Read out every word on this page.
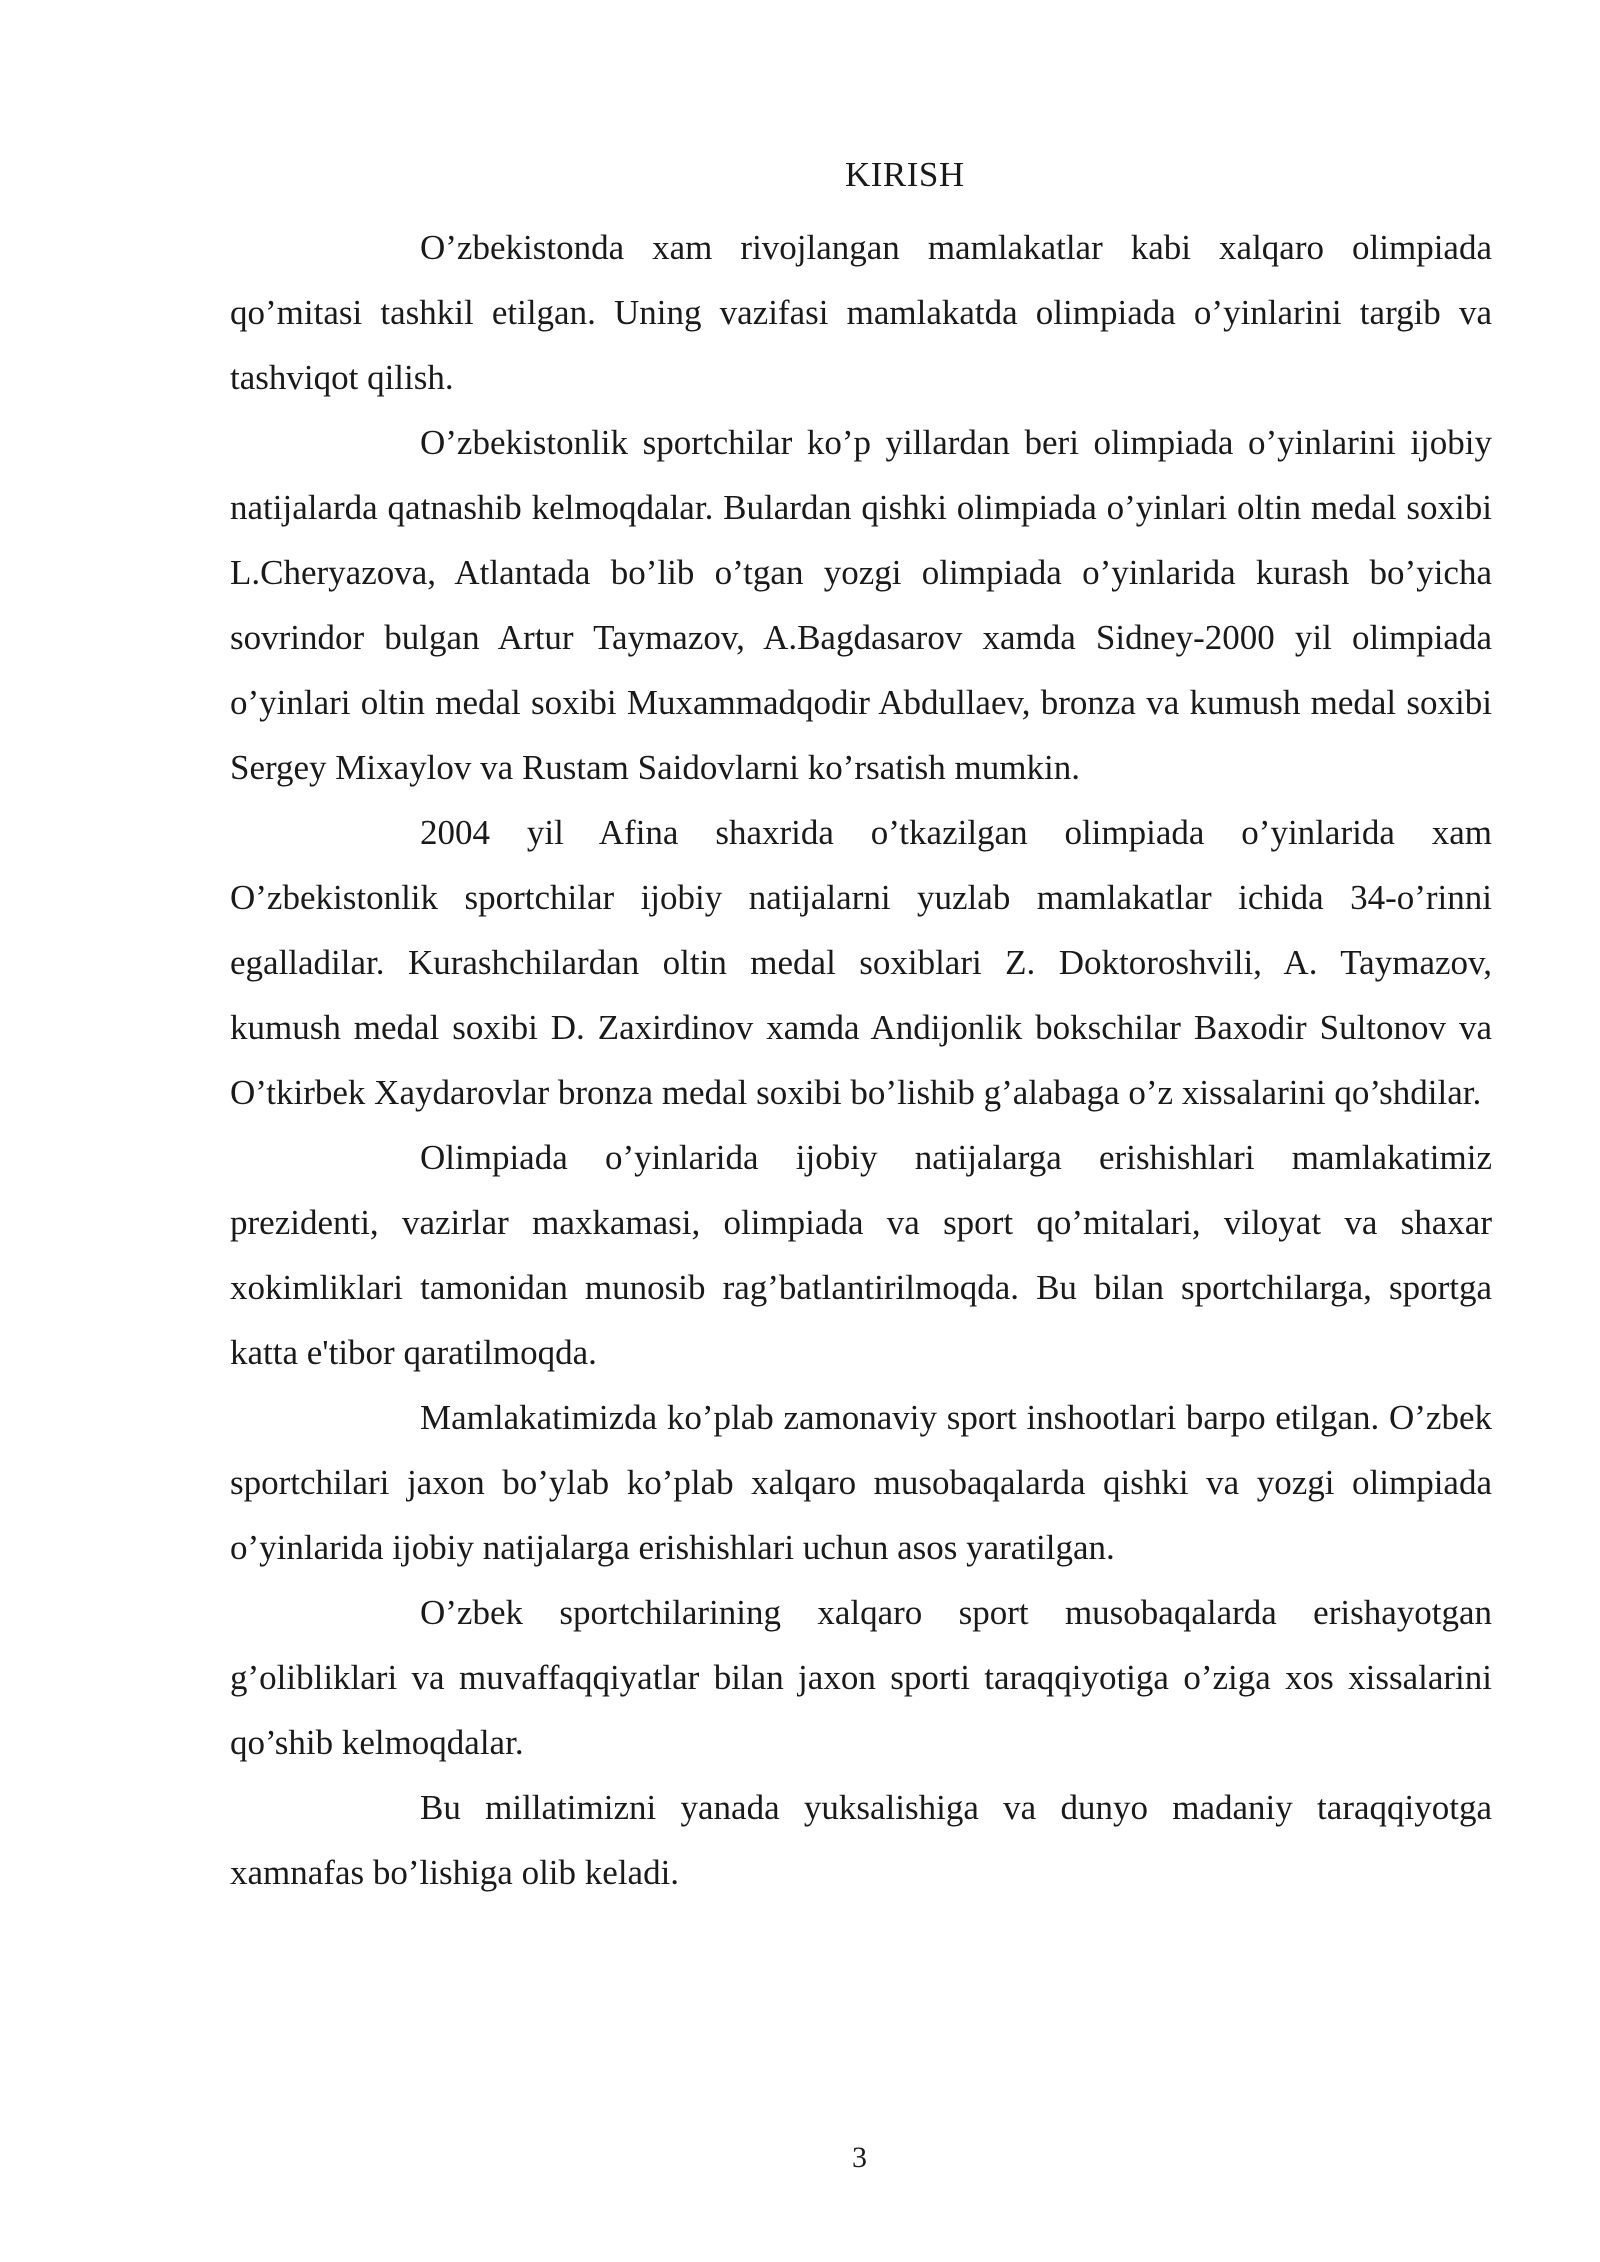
KIRISH

O’zbekistonda xam rivojlangan mamlakatlar kabi xalqaro olimpiada qo’mitasi tashkil etilgan. Uning vazifasi mamlakatda olimpiada o’yinlarini targib va tashviqot qilish.

O’zbekistonlik sportchilar ko’p yillardan beri olimpiada o’yinlarini ijobiy natijalarda qatnashib kelmoqdalar. Bulardan qishki olimpiada o’yinlari oltin medal soxibi L.Cheryazova, Atlantada bo’lib o’tgan yozgi olimpiada o’yinlarida kurash bo’yicha sovrindor bulgan Artur Taymazov, A.Bagdasarov xamda Sidney-2000 yil olimpiada o’yinlari oltin medal soxibi Muxammadqodir Abdullaev, bronza va kumush medal soxibi Sergey Mixaylov va Rustam Saidovlarni ko’rsatish mumkin.

2004 yil Afina shaxrida o’tkazilgan olimpiada o’yinlarida xam O’zbekistonlik sportchilar ijobiy natijalarni yuzlab mamlakatlar ichida 34-o’rinni egalladilar. Kurashchilardan oltin medal soxiblari Z. Doktoroshvili, A. Taymazov, kumush medal soxibi D. Zaxirdinov xamda Andijonlik bokschilar Baxodir Sultonov va O’tkirbek Xaydarovlar bronza medal soxibi bo’lishib g’alabaga o’z xissalarini qo’shdilar.

Olimpiada o’yinlarida ijobiy natijalarga erishishlari mamlakatimiz prezidenti, vazirlar maxkamasi, olimpiada va sport qo’mitalari, viloyat va shaxar xokimliklari tamonidan munosib rag’batlantirilmoqda. Bu bilan sportchilarga, sportga katta e'tibor qaratilmoqda.

Mamlakatimizda ko’plab zamonaviy sport inshootlari barpo etilgan. O’zbek sportchilari jaxon bo’ylab ko’plab xalqaro musobaqalarda qishki va yozgi olimpiada o’yinlarida ijobiy natijalarga erishishlari uchun asos yaratilgan.

O’zbek sportchilarining xalqaro sport musobaqalarda erishayotgan g’olibliklari va muvaffaqqiyatlar bilan jaxon sporti taraqqiyotiga o’ziga xos xissalarini qo’shib kelmoqdalar.

Bu millatimizni yanada yuksalishiga va dunyo madaniy taraqqiyotga xamnafas bo’lishiga olib keladi.

3
